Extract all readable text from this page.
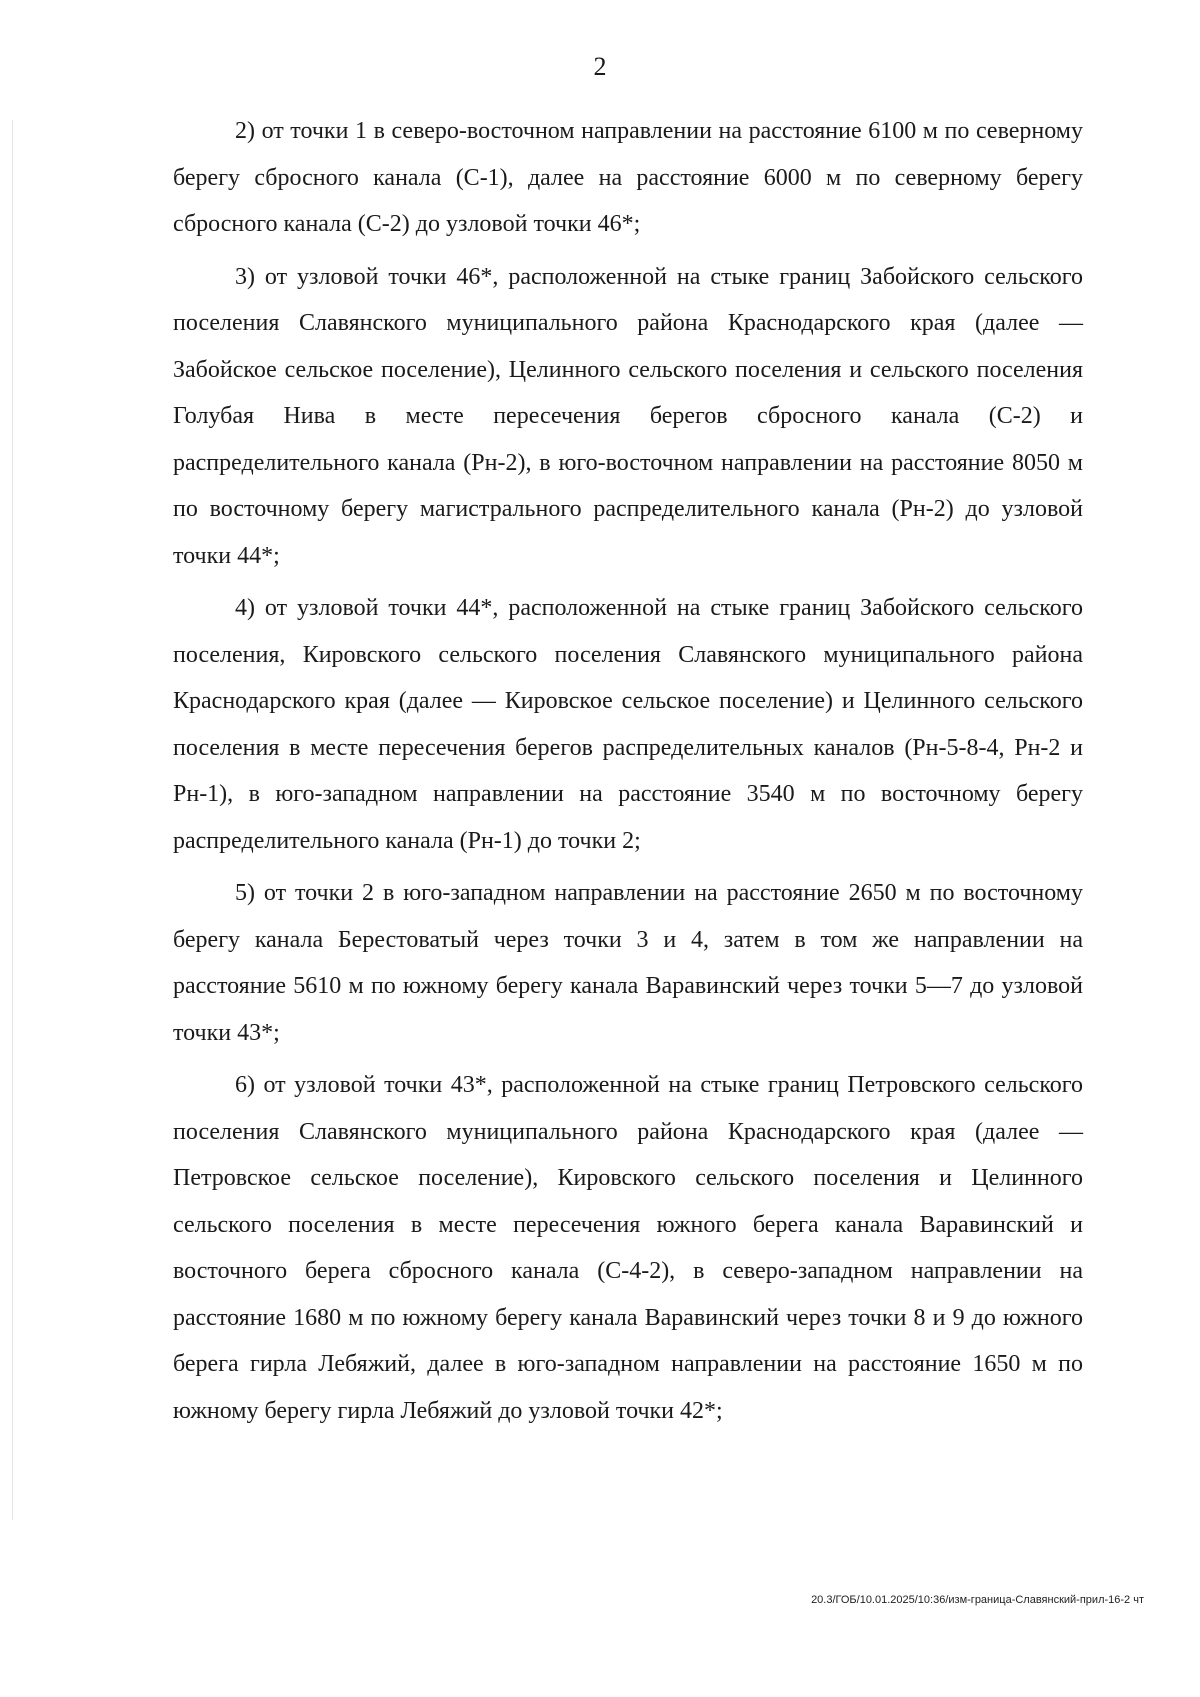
2

2) от точки 1 в северо-восточном направлении на расстояние 6100 м по северному берегу сбросного канала (С-1), далее на расстояние 6000 м по северному берегу сбросного канала (С-2) до узловой точки 46*;

3) от узловой точки 46*, расположенной на стыке границ Забойского сельского поселения Славянского муниципального района Краснодарского края (далее — Забойское сельское поселение), Целинного сельского поселения и сельского поселения Голубая Нива в месте пересечения берегов сбросного канала (С-2) и распределительного канала (Рн-2), в юго-восточном направлении на расстояние 8050 м по восточному берегу магистрального распределительного канала (Рн-2) до узловой точки 44*;

4) от узловой точки 44*, расположенной на стыке границ Забойского сельского поселения, Кировского сельского поселения Славянского муниципального района Краснодарского края (далее — Кировское сельское поселение) и Целинного сельского поселения в месте пересечения берегов распределительных каналов (Рн-5-8-4, Рн-2 и Рн-1), в юго-западном направлении на расстояние 3540 м по восточному берегу распределительного канала (Рн-1) до точки 2;

5) от точки 2 в юго-западном направлении на расстояние 2650 м по восточному берегу канала Берестоватый через точки 3 и 4, затем в том же направлении на расстояние 5610 м по южному берегу канала Варавинский через точки 5—7 до узловой точки 43*;

6) от узловой точки 43*, расположенной на стыке границ Петровского сельского поселения Славянского муниципального района Краснодарского края (далее — Петровское сельское поселение), Кировского сельского поселения и Целинного сельского поселения в месте пересечения южного берега канала Варавинский и восточного берега сбросного канала (С-4-2), в северо-западном направлении на расстояние 1680 м по южному берегу канала Варавинский через точки 8 и 9 до южного берега гирла Лебяжий, далее в юго-западном направлении на расстояние 1650 м по южному берегу гирла Лебяжий до узловой точки 42*;

20.3/ГОБ/10.01.2025/10:36/изм-граница-Славянский-прил-16-2 чт
